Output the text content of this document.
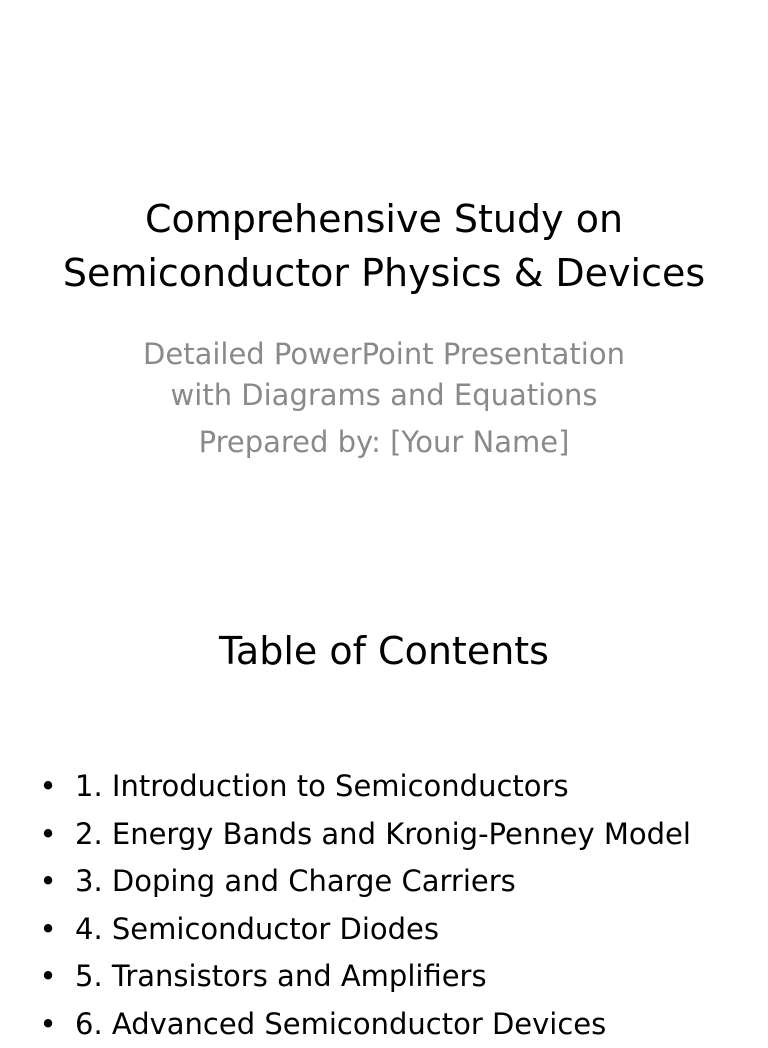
Comprehensive Study on
Semiconductor Physics & Devices
Detailed PowerPoint Presentation
with Diagrams and Equations
Prepared by: [Your Name]
Table of Contents
• 1. Introduction to Semiconductors
• 2. Energy Bands and Kronig-Penney Model
• 3. Doping and Charge Carriers
• 4. Semiconductor Diodes
• 5. Transistors and Amplifiers
• 6. Advanced Semiconductor Devices
